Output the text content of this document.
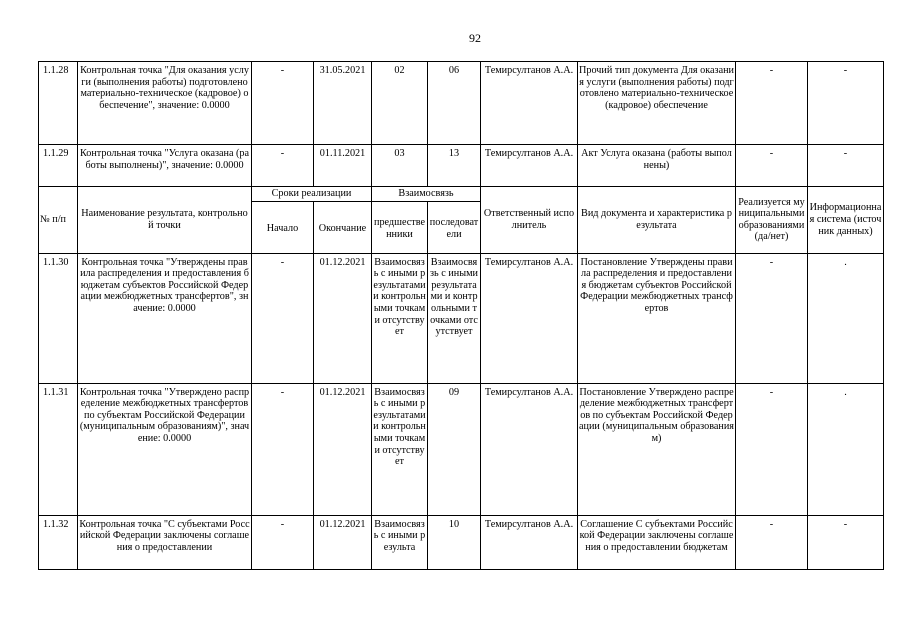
92
1.1.28	Контрольная точка "Для оказания услуги (выполнения работы) подготовлено материально-техническое (кадровое) обеспечение", значение: 0.0000	-	31.05.2021	02	06	Темирсултанов А.А.	Прочий тип документа Для оказания услуги (выполнения работы) подготовлено материально-техническое (кадровое) обеспечение	-	-
1.1.29	Контрольная точка "Услуга оказана (работы выполнены)", значение: 0.0000	-	01.11.2021	03	13	Темирсултанов А.А.	Акт Услуга оказана (работы выполнены)	-	-
№ п/п	Наименование результата, контрольной точки	Сроки реализации		Взаимосвязь		Ответственный исполнитель	Вид документа и характеристика результата	Реализуется муниципальными образованиями (да/нет)	Информационная система (источник данных)
		Начало	Окончание	предшественники	последователи				
1.1.30	Контрольная точка "Утверждены правила распределения и предоставления бюджетам субъектов Российской Федерации межбюджетных трансфертов", значение: 0.0000	-	01.12.2021	Взаимосвязь с иными результатами и контрольными точками отсутствует	Взаимосвязь с иными результатами и контрольными точками отсутствует	Темирсултанов А.А.	Постановление Утверждены правила распределения и предоставления бюджетам субъектов Российской Федерации межбюджетных трансфертов	-	.
1.1.31	Контрольная точка "Утверждено распределение межбюджетных трансфертов по субъектам Российской Федерации (муниципальным образованиям)", значение: 0.0000	-	01.12.2021	Взаимосвязь с иными результатами и контрольными точками отсутствует	09	Темирсултанов А.А.	Постановление Утверждено распределение межбюджетных трансфертов по субъектам Российской Федерации (муниципальным образованиям)	-	.
1.1.32	Контрольная точка "С субъектами Российской Федерации заключены соглашения о предоставлении	-	01.12.2021	Взаимосвязь с иными результа	10	Темирсултанов А.А.	Соглашение С субъектами Российской Федерации заключены соглашения о предоставлении бюджетам	-	-
